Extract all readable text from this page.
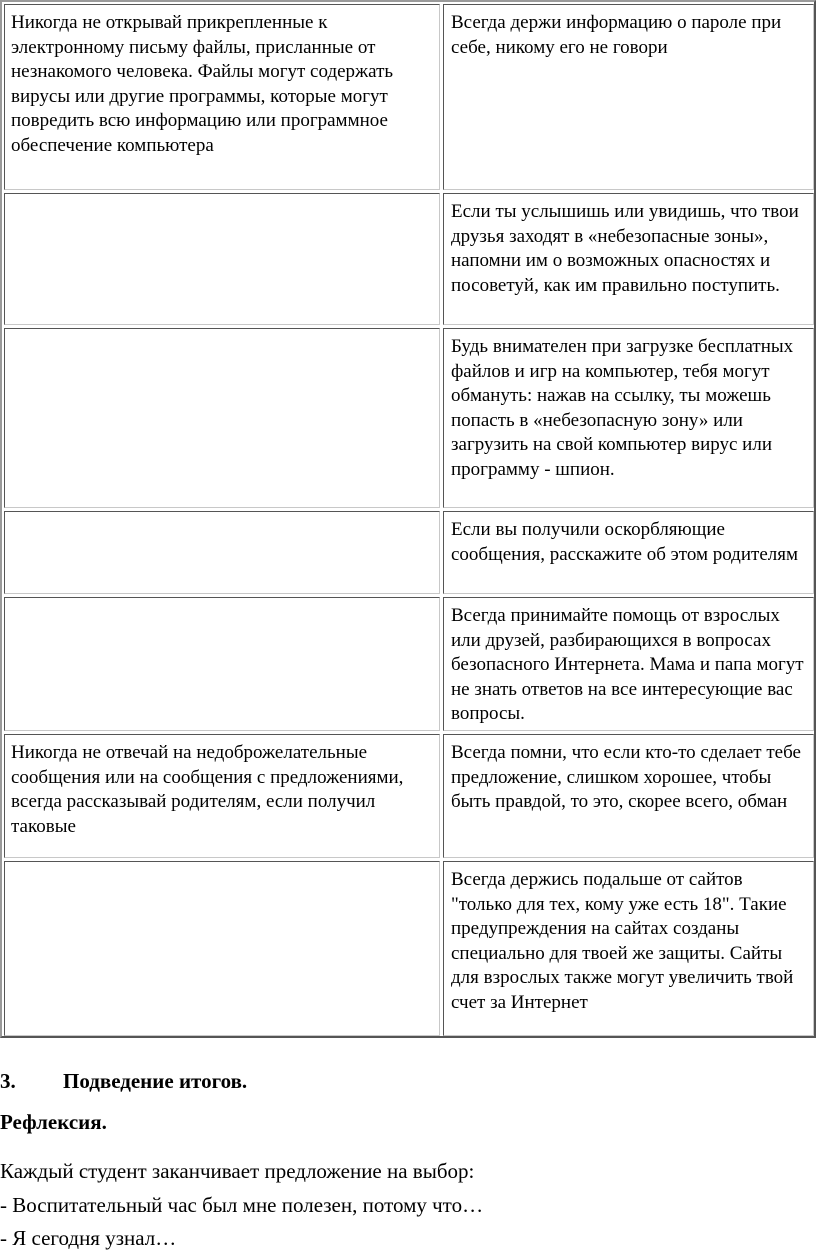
Никогда не открывай прикрепленные к электронному письму файлы, присланные от незнакомого человека. Файлы могут содержать вирусы или другие программы, которые могут повредить всю информацию или программное обеспечение компьютера
Всегда держи информацию о пароле при себе, никому его не говори
Если ты услышишь или увидишь, что твои друзья заходят в «небезопасные зоны», напомни им о возможных опасностях и посоветуй, как им правильно поступить.
Будь внимателен при загрузке бесплатных файлов и игр на компьютер, тебя могут обмануть: нажав на ссылку, ты можешь попасть в «небезопасную зону» или загрузить на свой компьютер вирус или программу - шпион.
Если вы получили оскорбляющие сообщения, расскажите об этом родителям
Всегда принимайте помощь от взрослых или друзей, разбирающихся в вопросах безопасного Интернета. Мама и папа могут не знать ответов на все интересующие вас вопросы.
Никогда не отвечай на недоброжелательные сообщения или на сообщения с предложениями, всегда рассказывай родителям, если получил таковые
Всегда помни, что если кто-то сделает тебе предложение, слишком хорошее, чтобы быть правдой, то это, скорее всего, обман
Всегда держись подальше от сайтов "только для тех, кому уже есть 18". Такие предупреждения на сайтах созданы специально для твоей же защиты. Сайты для взрослых также могут увеличить твой счет за Интернет
3. Подведение итогов.
Рефлексия.
Каждый студент заканчивает предложение на выбор:
- Воспитательный час был мне полезен, потому что…
- Я сегодня узнал…
